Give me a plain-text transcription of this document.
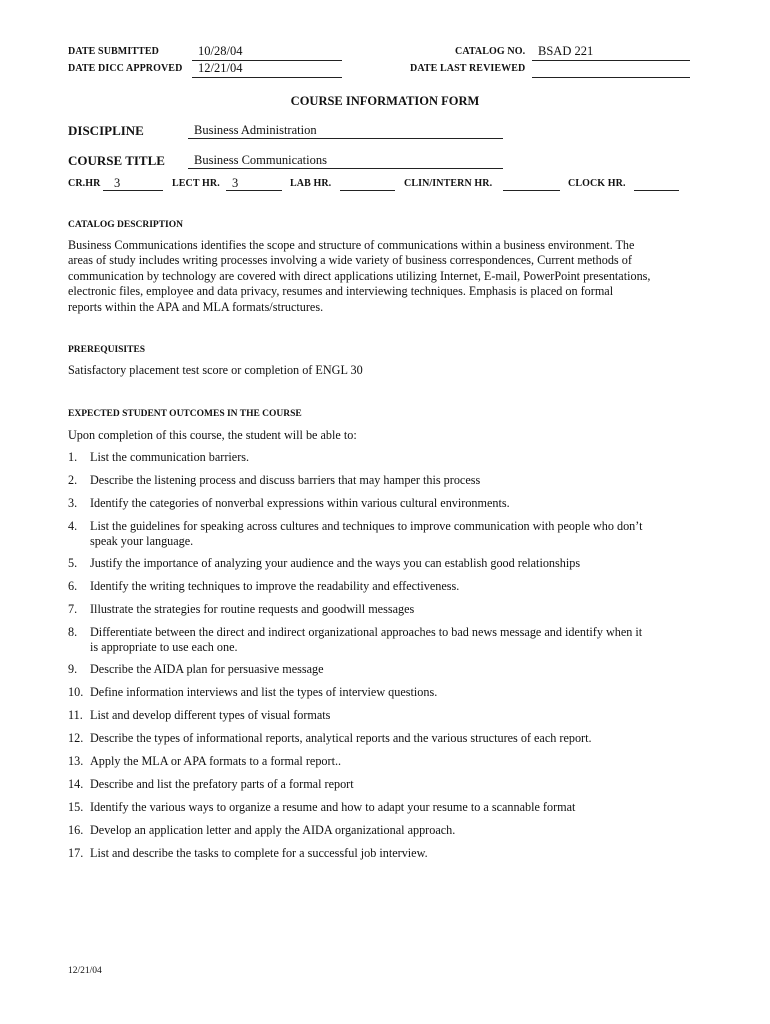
DATE SUBMITTED	10/28/04
DATE DICC APPROVED 12/21/04
CATALOG NO. BSAD 221
DATE LAST REVIEWED
COURSE INFORMATION FORM
DISCIPLINE	Business Administration
COURSE TITLE Business Communications
CR.HR 3	LECT HR. 3	LAB HR.	CLIN/INTERN HR.	CLOCK HR.
CATALOG DESCRIPTION
Business Communications identifies the scope and structure of communications within a business environment. The
areas of study includes writing processes involving a wide variety of business correspondences, Current methods of
communication by technology are covered with direct applications utilizing Internet, E-mail, PowerPoint presentations,
electronic files, employee and data privacy, resumes and interviewing techniques. Emphasis is placed on formal
reports within the APA and MLA formats/structures.
PREREQUISITES
Satisfactory placement test score or completion of ENGL 30
EXPECTED STUDENT OUTCOMES IN THE COURSE
Upon completion of this course, the student will be able to:
1.	List the communication barriers.
2.	Describe the listening process and discuss barriers that may hamper this process
3.	Identify the categories of nonverbal expressions within various cultural environments.
4.	List the guidelines for speaking across cultures and techniques to improve communication with people who don’t
speak your language.
5.	Justify the importance of analyzing your audience and the ways you can establish good relationships
6.	Identify the writing techniques to improve the readability and effectiveness.
7.	Illustrate the strategies for routine requests and goodwill messages
8.	Differentiate between the direct and indirect organizational approaches to bad news message and identify when it
is appropriate to use each one.
9.	Describe the AIDA plan for persuasive message
10. Define information interviews and list the types of interview questions.
11. List and develop different types of visual formats
12. Describe the types of informational reports, analytical reports and the various structures of each report.
13. Apply the MLA or APA formats to a formal report..
14. Describe and list the prefatory parts of a formal report
15. Identify the various ways to organize a resume and how to adapt your resume to a scannable format
16. Develop an application letter and apply the AIDA organizational approach.
17. List and describe the tasks to complete for a successful job interview.
12/21/04
